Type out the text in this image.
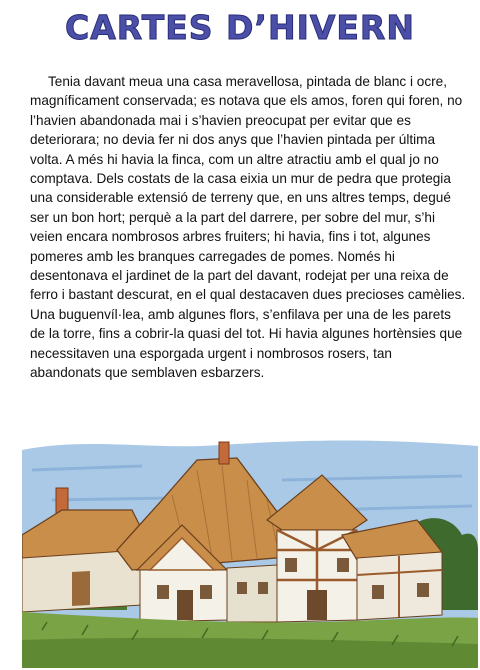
CARTES D’HIVERN

Tenia davant meua una casa meravellosa, pintada de blanc i ocre, magníficament conservada; es notava que els amos, foren qui foren, no l’havien abandonada mai i s’havien preocupat per evitar que es deteriorara; no devia fer ni dos anys que l’havien pintada per última volta. A més hi havia la finca, com un altre atractiu amb el qual jo no comptava. Dels costats de la casa eixia un mur de pedra que protegia una considerable extensió de terreny que, en uns altres temps, degué ser un bon hort; perquè a la part del darrere, per sobre del mur, s’hi veien encara nombrosos arbres fruiters; hi havia, fins i tot, algunes pomeres amb les branques carregades de pomes. Només hi desentonava el jardinet de la part del davant, rodejat per una reixa de ferro i bastant descurat, en el qual destacaven dues precioses camèlies. Una buguenvíl·lea, amb algunes flors, s’enfilava per una de les parets de la torre, fins a cobrir-la quasi del tot. Hi havia algunes hortènsies que necessitaven una esporgada urgent i nombrosos rosers, tan abandonats que semblaven esbarzers.
